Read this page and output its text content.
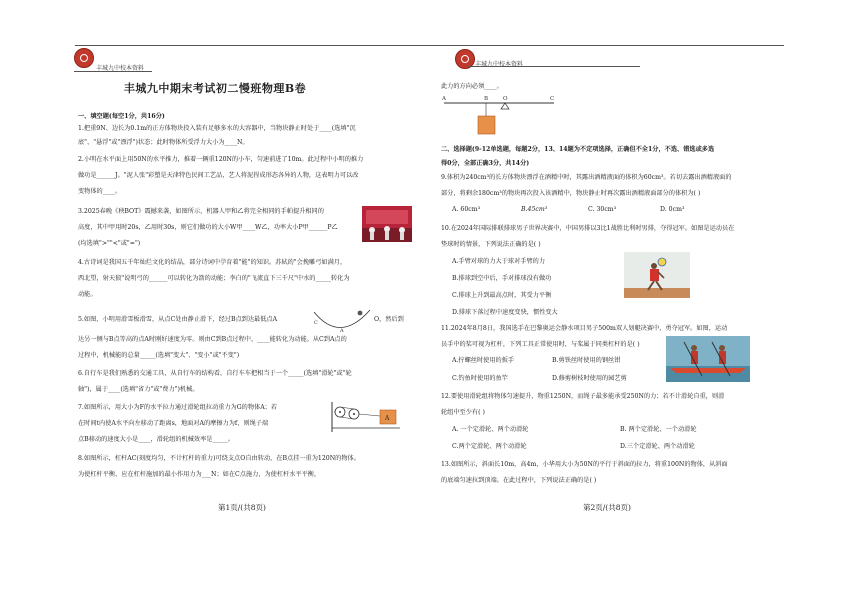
丰城九中校本资料
丰城九中期末考试初二慢班物理B卷
一、填空题(每空1分，共16分)
1.把重9N、边长为0.1m的正方体物块投入装有足够多水的大容器中，当物块静止时处于____(选填"沉
底"、"悬浮"或"漂浮")状态；此时物体所受浮力大小为____N。
2.小明在水平面上用50N的水平推力，推着一辆重120N的小车，匀速前进了10m。此过程中小明的推力
做功是______J。"泥人张"彩塑是天津特色民间工艺品，艺人将泥捏成形态各异的人物，这表明力可以改
变物体的____。
3.2025春晚《秧BOT》震撼来袭，如图所示，机器人甲和乙将完全相同的手帕提升相同的
高度，其中甲用时20s，乙用时30s，则它们做功的大小W甲____W乙，功率大小P甲______P乙
(均选填">""<"或"=")
4.古诗词是我国五千年灿烂文化的结晶，部分诗词中孕育着"能"的知识。苏轼的"会挽雕弓如满月，
西北望，射天狼"说明弓的______可以转化为箭的动能；李白的"飞流直下三千尺"中水的_____转化为
动能。
5.如图，小明用滑雪板滑雪，从点C处由静止滑下，经过B点到达最低点A	O，然后到
C
A
达另一侧与B点等高的点A时刚好速度为零。则由C到B点过程中，____能转化为动能。从C到A点的
过程中，机械能的总量_____(选填"变大"、"变小"或"不变")
6.自行车是我们熟悉的交通工具，从自行车的结构看，自行车车把相当于一个_____(选填"滑轮"或"轮
轴")，属于____(选填"省力"或"费力")机械。
7.如图所示，用大小为F的水平拉力通过滑轮组拉动重力为G的物体A；若
在时间t内使A水平向左移动了距离s，地面对A的摩擦力为f，则绳子端
点B移动的速度大小是____，滑轮组的机械效率是_____。
A
8.如图所示，杠杆AC(刻度均匀，不计杠杆的重力)可绕支点O自由转动，在B点挂一重为120N的物体。
为使杠杆平衡，应在杠杆施加的最小作用力为___N；如在C点施力，为使杠杆水平平衡，
第1页/(共8页)
丰城九中校本资料
此力的方向必须____。
A	B	O	C
二、选择题(9-12单选题，每题2分，13、14题为不定项选择，正确但不全1分，不选、错选或多选
得0分，全部正确3分，共14分)
9.体积为240cm³的长方体物块漂浮在酒精中时，其露出酒精液面的体积为60cm³。若切去露出酒精液面的
部分，将剩余180cm³的物块再次投入该酒精中，物块静止时再次露出酒精液面部分的体积为( )
A. 60cm³	B.45cm³	C. 30cm³	D. 0cm³
10.在2024年国际排联排球男子世界决赛中，中国男排以3比1战胜比利时男排，夺得冠军。如图是运动员在
垫球时的情景，下列说法正确的是( )
A.手臂对球的力大于球对手臂的力
B.排球到空中后，手对排球没有做功
C.排球上升到最高点时，其受力平衡
D.排球下落过程中速度变快，惯性变大
11.2024年8月8日，我国选手在巴黎奥运会静水项目男子500m双人划艇决赛中，勇夺冠军。如图，运动
员手中的桨可视为杠杆，下列工具正常使用时，与桨属于同类杠杆的是( )
A.拧螺丝时使用的扳手	B.剪铁丝时使用的钢丝钳
C.钓鱼时使用的鱼竿	D.修剪树枝时使用的园艺剪
12.要使用滑轮组将物体匀速提升，物重1250N，而绳子最多能承受250N的力；若不计滑轮自重，则滑
轮组中至少有( )
A. 一个定滑轮、两个动滑轮	B. 两个定滑轮、一个动滑轮
C.两个定滑轮、两个动滑轮	D.三个定滑轮、两个动滑轮
13.如图所示，斜面长10m，高4m，小华用大小为50N的平行于斜面的拉力，将重100N的物体，从斜面
的底端匀速拉到顶端。在此过程中，下列说法正确的是( )
第2页/(共8页)
